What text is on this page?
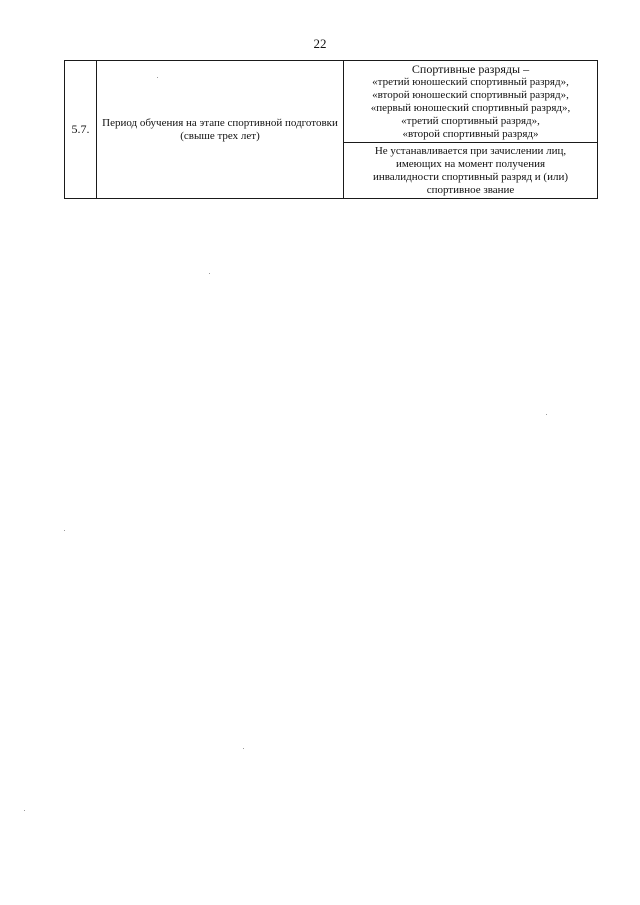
22
5.7.	Период обучения на этапе спортивной подготовки (свыше трех лет)	
Спортивные разряды –
«третий юношеский спортивный разряд»,
«второй юношеский спортивный разряд»,
«первый юношеский спортивный разряд»,
«третий спортивный разряд»,
«второй спортивный разряд»
Не устанавливается при зачислении лиц,
имеющих на момент получения
инвалидности спортивный разряд и (или)
спортивное звание
